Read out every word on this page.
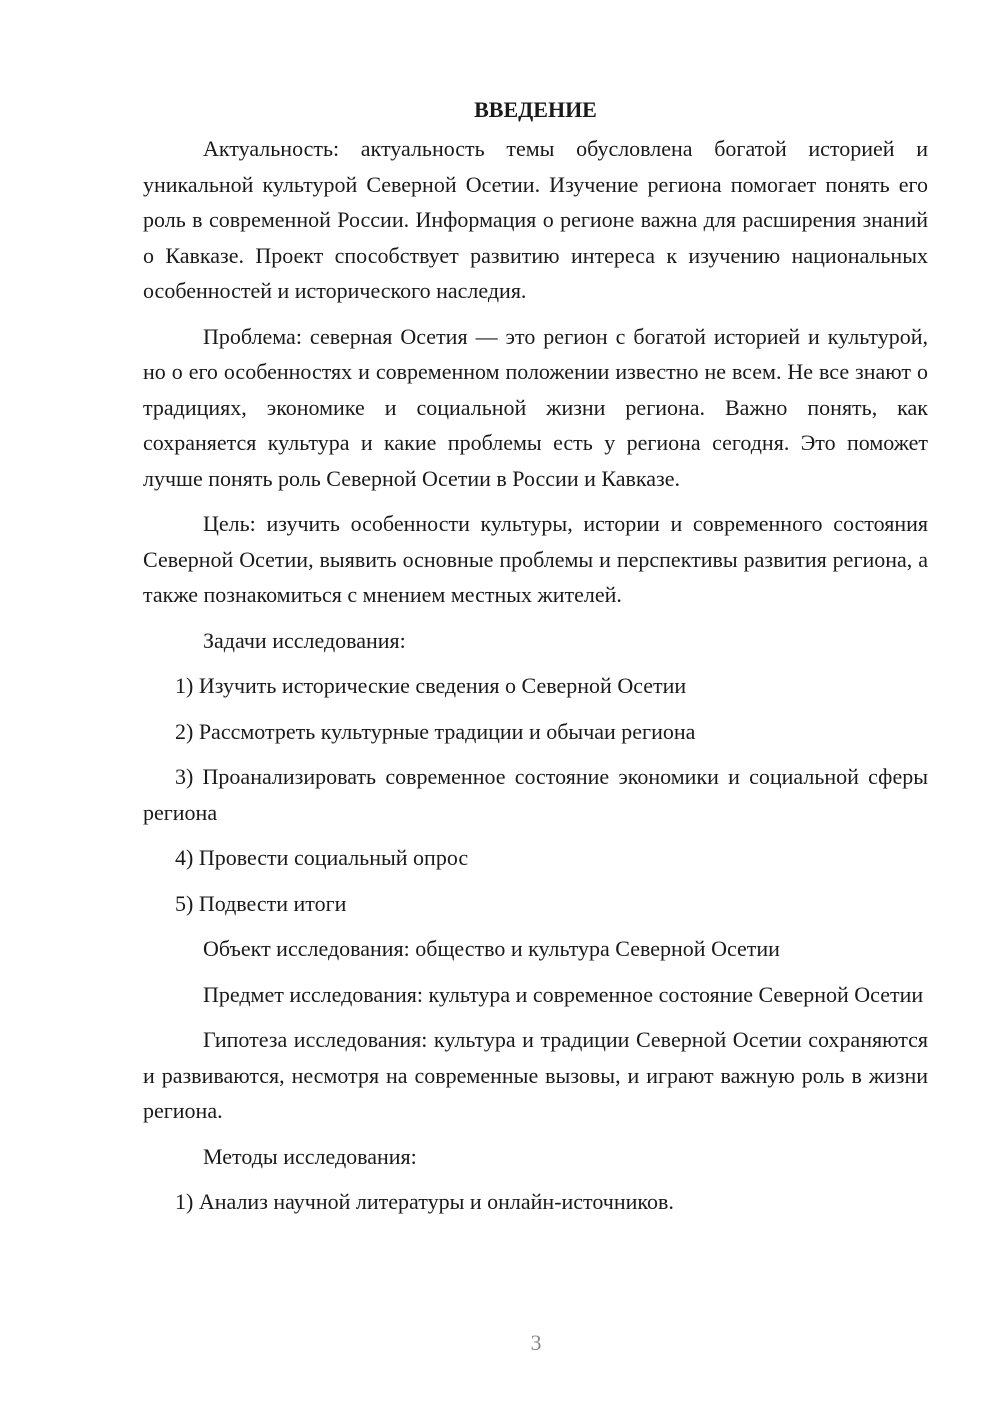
ВВЕДЕНИЕ

Актуальность: актуальность темы обусловлена богатой историей и уникальной культурой Северной Осетии. Изучение региона помогает понять его роль в современной России. Информация о регионе важна для расширения знаний о Кавказе. Проект способствует развитию интереса к изучению национальных особенностей и исторического наследия.

Проблема: северная Осетия — это регион с богатой историей и культурой, но о его особенностях и современном положении известно не всем. Не все знают о традициях, экономике и социальной жизни региона. Важно понять, как сохраняется культура и какие проблемы есть у региона сегодня. Это поможет лучше понять роль Северной Осетии в России и Кавказе.

Цель: изучить особенности культуры, истории и современного состояния Северной Осетии, выявить основные проблемы и перспективы развития региона, а также познакомиться с мнением местных жителей.

Задачи исследования:

1) Изучить исторические сведения о Северной Осетии

2) Рассмотреть культурные традиции и обычаи региона

3) Проанализировать современное состояние экономики и социальной сферы региона

4) Провести социальный опрос

5) Подвести итоги

Объект исследования: общество и культура Северной Осетии

Предмет исследования: культура и современное состояние Северной Осетии

Гипотеза исследования: культура и традиции Северной Осетии сохраняются и развиваются, несмотря на современные вызовы, и играют важную роль в жизни региона.

Методы исследования:

1) Анализ научной литературы и онлайн-источников.

3
